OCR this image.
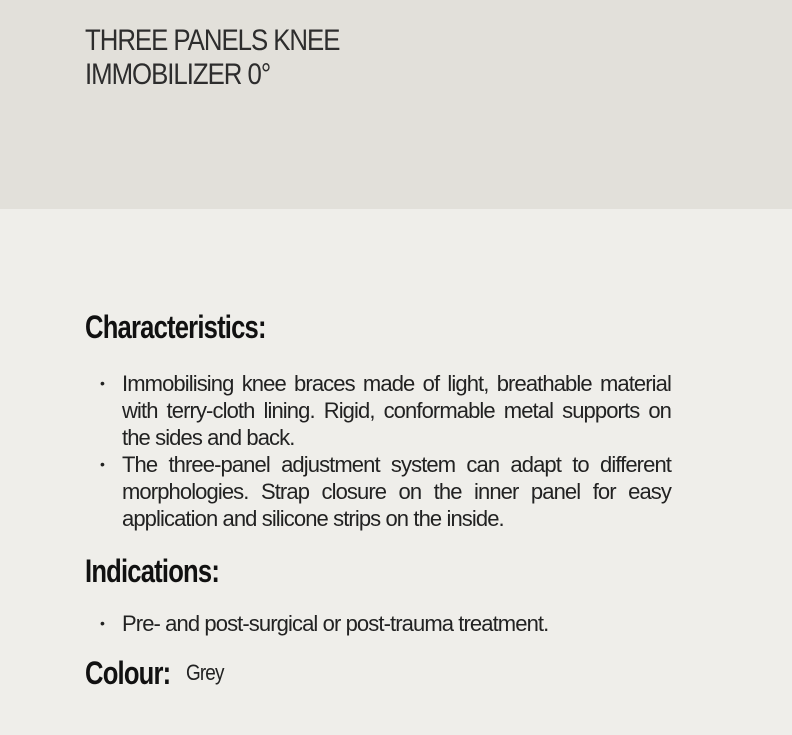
THREE PANELS KNEE
IMMOBILIZER 0°
Characteristics:
• Immobilising knee braces made of light, breathable material with terry-cloth lining. Rigid, conformable metal supports on the sides and back.
• The three-panel adjustment system can adapt to different morphologies. Strap closure on the inner panel for easy application and silicone strips on the inside.
Indications:
• Pre- and post-surgical or post-trauma treatment.
Colour: Grey
